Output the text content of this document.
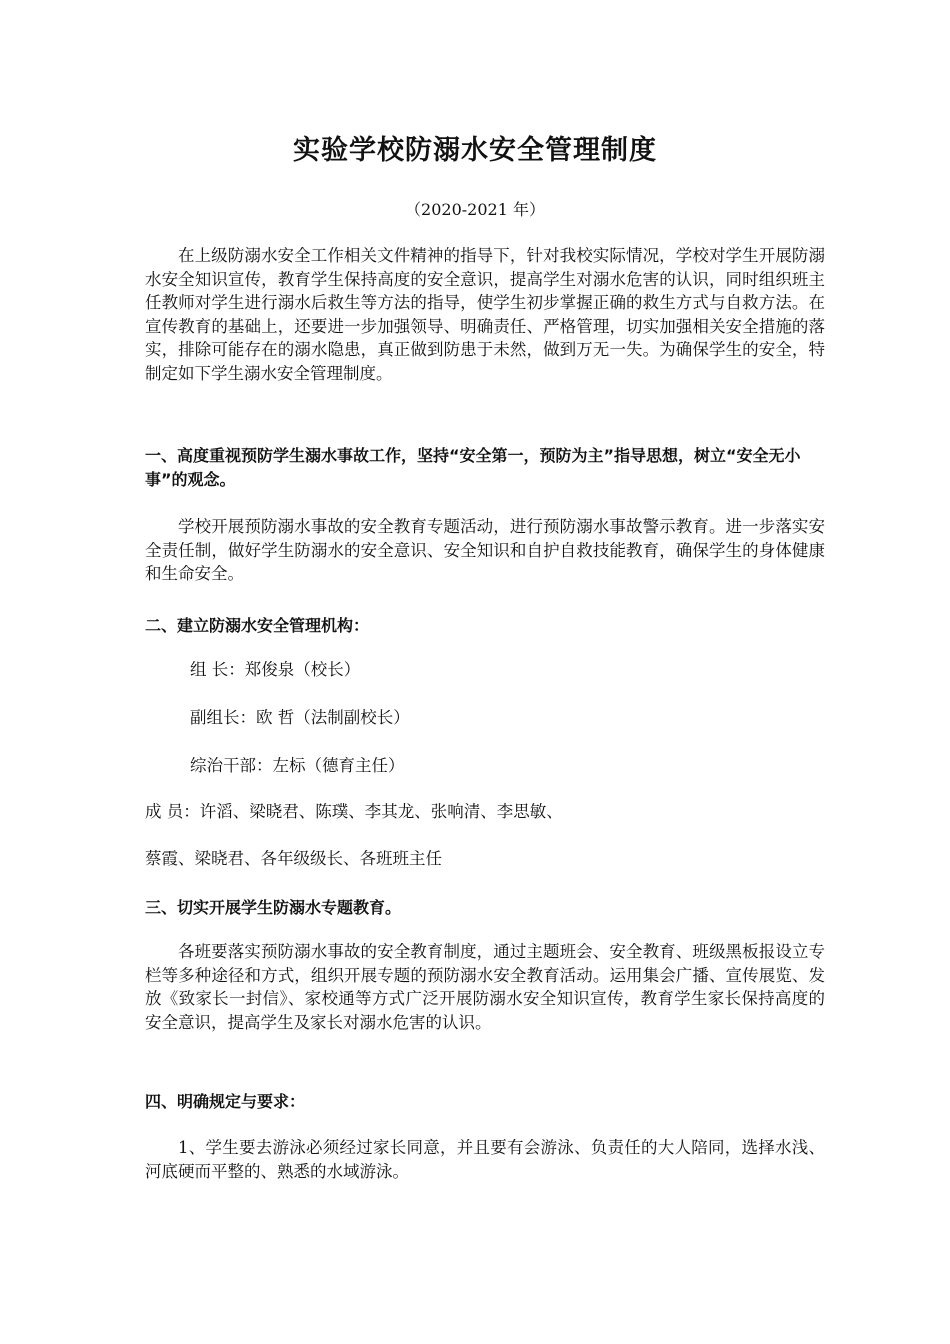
实验学校防溺水安全管理制度
（2020-2021 年）

在上级防溺水安全工作相关文件精神的指导下，针对我校实际情况，学校对学生开展防溺水安全知识宣传，教育学生保持高度的安全意识，提高学生对溺水危害的认识，同时组织班主任教师对学生进行溺水后救生等方法的指导，使学生初步掌握正确的救生方式与自救方法。在宣传教育的基础上，还要进一步加强领导、明确责任、严格管理，切实加强相关安全措施的落实，排除可能存在的溺水隐患，真正做到防患于未然，做到万无一失。为确保学生的安全，特制定如下学生溺水安全管理制度。

一、高度重视预防学生溺水事故工作，坚持“安全第一，预防为主”指导思想，树立“安全无小事”的观念。

学校开展预防溺水事故的安全教育专题活动，进行预防溺水事故警示教育。进一步落实安全责任制，做好学生防溺水的安全意识、安全知识和自护自救技能教育，确保学生的身体健康和生命安全。

二、建立防溺水安全管理机构：

组 长：郑俊泉（校长）

副组长：欧 哲（法制副校长）

综治干部：左标（德育主任）

成 员：许滔、梁晓君、陈璞、李其龙、张响清、李思敏、

蔡霞、梁晓君、各年级级长、各班班主任

三、切实开展学生防溺水专题教育。

各班要落实预防溺水事故的安全教育制度，通过主题班会、安全教育、班级黑板报设立专栏等多种途径和方式，组织开展专题的预防溺水安全教育活动。运用集会广播、宣传展览、发放《致家长一封信》、家校通等方式广泛开展防溺水安全知识宣传，教育学生家长保持高度的安全意识，提高学生及家长对溺水危害的认识。

四、明确规定与要求：

1、学生要去游泳必须经过家长同意，并且要有会游泳、负责任的大人陪同，选择水浅、河底硬而平整的、熟悉的水域游泳。
